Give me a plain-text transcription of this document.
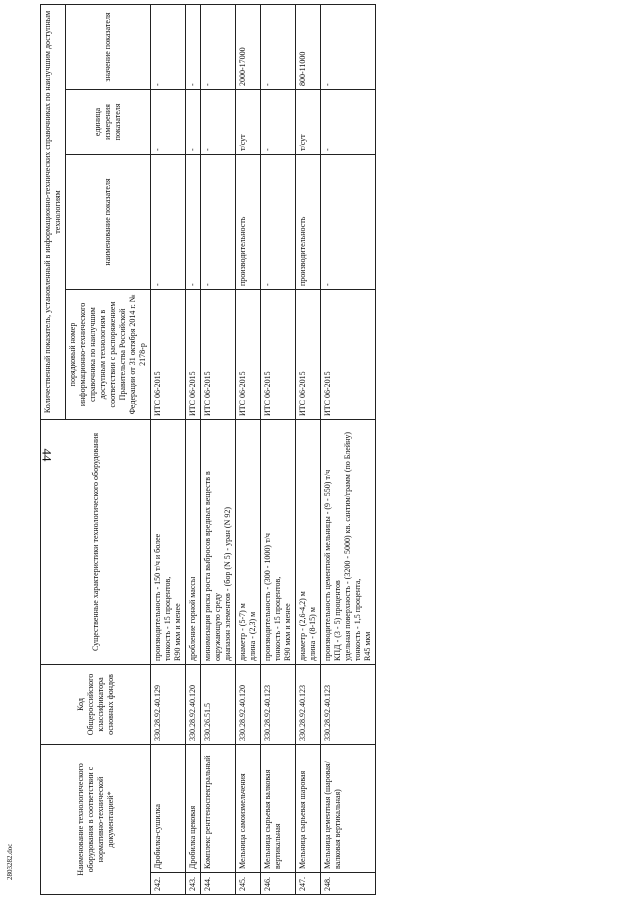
44
Наименование технологического оборудования в соответствии с нормативно-технической документацией*		Код Общероссийского классификатора основных фондов	Существенные характеристики технологического оборудования	Количественный показатель, установленный в информационно-технических справочниках по наилучшим доступным технологиям			
				порядковый номер информационно-технического справочника по наилучшим доступным технологиям в соответствии с распоряжением Правительства Российской Федерации от 31 октября 2014 г. № 2178-р	наименование показателя	единица измерения показателя	значение показателя
242.	Дробилка-сушилка	330.28.92.40.129	производительность - 150 т/ч и более
тонкость - 15 процентов,
R90 мкм и менее	ИТС 06-2015	-	-	-
243.	Дробилка щековая	330.28.92.40.120	дробление горной массы	ИТС 06-2015	-	-	-
244.	Комплекс рентгеноспектральный	330.26.51.5	минимизация риска роста выбросов вредных веществ в окружающую среду
диапазон элементов - (бор (N 5) - уран (N 92)	ИТС 06-2015	-	-	-
245.	Мельница самоизмельчения	330.28.92.40.120	диаметр - (5-7) м
длина - (2,3) м	ИТС 06-2015	производительность	т/сут	2000-17000
246.	Мельница сырьевая валковая вертикальная	330.28.92.40.123	производительность - (300 - 1000) т/ч
тонкость - 15 процентов,
R90 мкм и менее	ИТС 06-2015	-	-	-
247.	Мельница сырьевая шаровая	330.28.92.40.123	диаметр - (2,6-4,2) м
длина - (8-15) м	ИТС 06-2015	производительность	т/сут	800-11000
248.	Мельница цементная (шаровая/валковая вертикальная)	330.28.92.40.123	производительность цементной мельницы - (9 - 550) т/ч
КПД - (3 - 5) процентов
удельная поверхность - (3200 - 5000) кв. сантим/грамм (по Блейну)
тонкость - 1,5 процента,
R45 мкм	ИТС 06-2015	-	-	-
2803282.doc
